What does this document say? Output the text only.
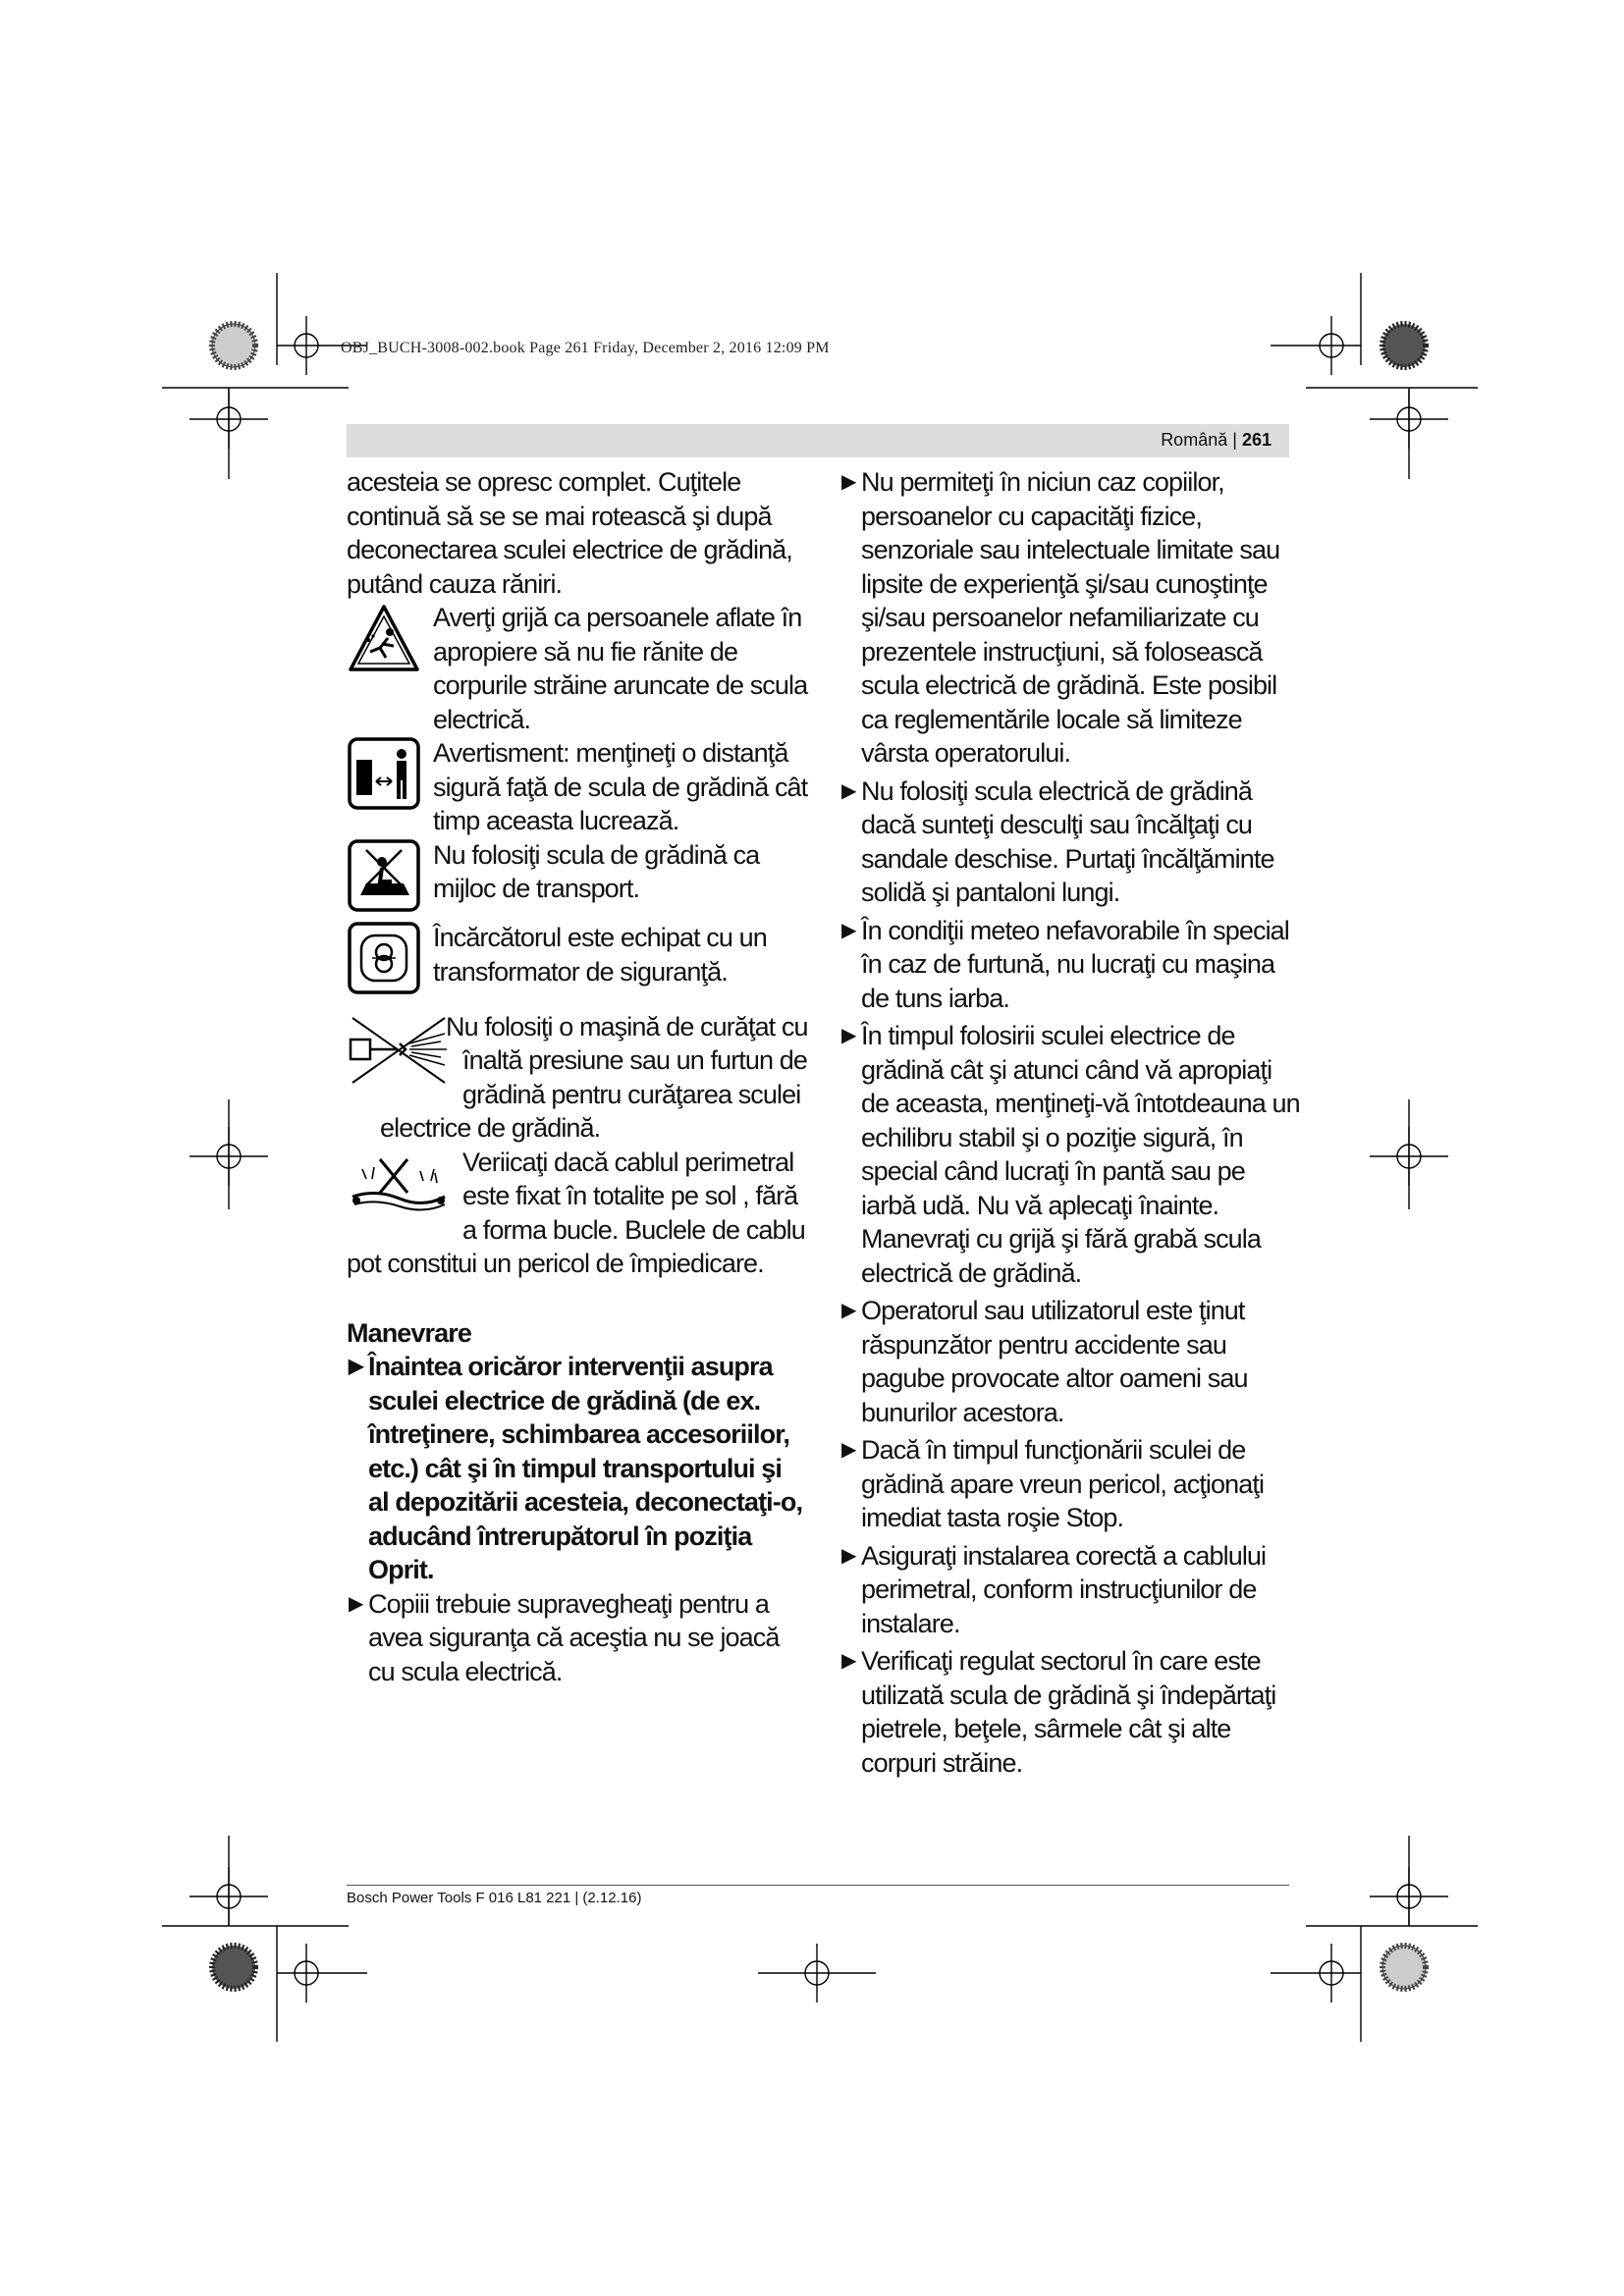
OBJ_BUCH-3008-002.book Page 261 Friday, December 2, 2016 12:09 PM
Română | 261

acesteia se opresc complet. Cuţitele continuă să se se mai rotească şi după deconectarea sculei electrice de grădină, putând cauza răniri.

Averţi grijă ca persoanele aflate în apropiere să nu fie rănite de corpurile străine aruncate de scula electrică.
Avertisment: menţineţi o distanţă sigură faţă de scula de grădină cât timp aceasta lucrează.
Nu folosiţi scula de grădină ca mijloc de transport.
Încărcătorul este echipat cu un transformator de siguranţă.

Nu folosiţi o maşină de curăţat cu înaltă presiune sau un furtun de grădină pentru curăţarea sculei electrice de grădină.

Veriicaţi dacă cablul perimetral este fixat în totalite pe sol , fără a forma bucle. Buclele de cablu pot constitui un pericol de împiedicare.

Manevrare

▶ Înaintea oricăror intervenţii asupra sculei electrice de grădină (de ex. întreţinere, schimbarea accesoriilor, etc.) cât şi în timpul transportului şi al depozitării acesteia, deconectaţi-o, aducând întrerupătorul în poziţia Oprit.
▶ Copiii trebuie supravegheaţi pentru a avea siguranţa că aceştia nu se joacă cu scula electrică.
▶ Nu permiteţi în niciun caz copiilor, persoanelor cu capacităţi fizice, senzoriale sau intelectuale limitate sau lipsite de experienţă şi/sau cunoştinţe şi/sau persoanelor nefamiliarizate cu prezentele instrucţiuni, să folosească scula electrică de grădină. Este posibil ca reglementările locale să limiteze vârsta operatorului.
▶ Nu folosiţi scula electrică de grădină dacă sunteţi desculţi sau încălţaţi cu sandale deschise. Purtaţi încălţăminte solidă şi pantaloni lungi.
▶ În condiţii meteo nefavorabile în special în caz de furtună, nu lucraţi cu maşina de tuns iarba.
▶ În timpul folosirii sculei electrice de grădină cât şi atunci când vă apropiaţi de aceasta, menţineţi-vă întotdeauna un echilibru stabil şi o poziţie sigură, în special când lucraţi în pantă sau pe iarbă udă. Nu vă aplecaţi înainte. Manevraţi cu grijă şi fără grabă scula electrică de grădină.
▶ Operatorul sau utilizatorul este ţinut răspunzător pentru accidente sau pagube provocate altor oameni sau bunurilor acestora.
▶ Dacă în timpul funcţionării sculei de grădină apare vreun pericol, acţionaţi imediat tasta roşie Stop.
▶ Asiguraţi instalarea corectă a cablului perimetral, conform instrucţiunilor de instalare.
▶ Verificaţi regulat sectorul în care este utilizată scula de grădină şi îndepărtaţi pietrele, beţele, sârmele cât şi alte corpuri străine.
Bosch Power Tools F 016 L81 221 | (2.12.16)
